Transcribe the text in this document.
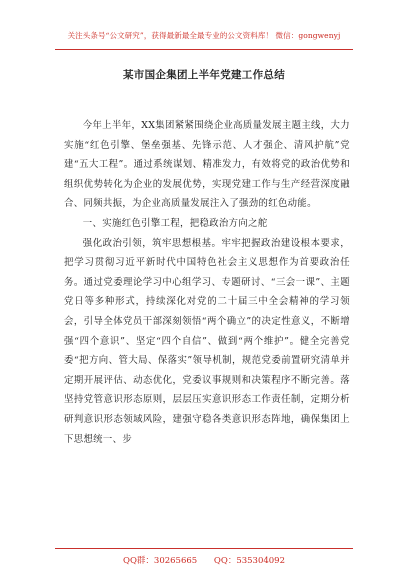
关注头条号“公文研究”，获得最新最全最专业的公文资料库！ 微信：gongwenyj
某市国企集团上半年党建工作总结

今年上半年，XX集团紧紧围绕企业高质量发展主题主线，大力实施“红色引擎、堡垒强基、先锋示范、人才强企、清风护航”党建“五大工程”。通过系统谋划、精准发力，有效将党的政治优势和组织优势转化为企业的发展优势，实现党建工作与生产经营深度融合、同频共振，为企业高质量发展注入了强劲的红色动能。

一、实施红色引擎工程，把稳政治方向之舵

强化政治引领，筑牢思想根基。牢牢把握政治建设根本要求，把学习贯彻习近平新时代中国特色社会主义思想作为首要政治任务。通过党委理论学习中心组学习、专题研讨、“三会一课”、主题党日等多种形式，持续深化对党的二十届三中全会精神的学习领会，引导全体党员干部深刻领悟“两个确立”的决定性意义，不断增强“四个意识”、坚定“四个自信”、做到“两个维护”。健全完善党委“把方向、管大局、保落实”领导机制，规范党委前置研究清单并定期开展评估、动态优化，党委议事规则和决策程序不断完善。落坚持党管意识形态原则，层层压实意识形态工作责任制，定期分析研判意识形态领域风险，建强守稳各类意识形态阵地，确保集团上下思想统一、步

QQ群：30265665 QQ：535304092
